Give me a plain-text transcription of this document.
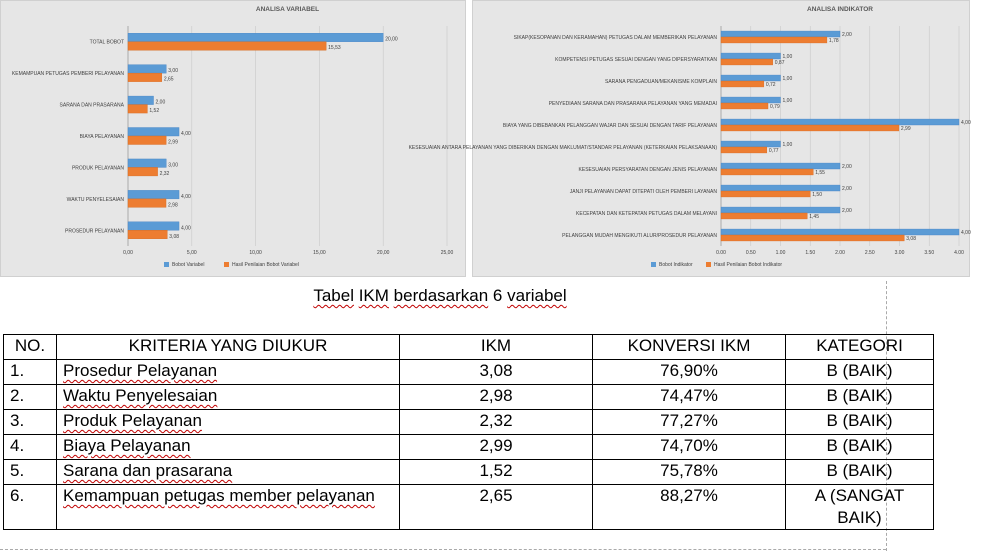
ANALISA VARIABEL
0,00	5,00	10,00	15,00	20,00	25,00
TOTAL BOBOT	20,00
15,53
KEMAMPUAN PETUGAS PEMBERI PELAYANAN	3,00
2,65
SARANA DAN PRASARANA	2,00
1,52
BIAYA PELAYANAN	4,00
2,99
PRODUK PELAYANAN	3,00
2,32
WAKTU PENYELESAIAN	4,00
2,98
PROSEDUR PELAYANAN	4,00
3,08
Bobot Variabel	Hasil Penilaian Bobot Variabel
ANALISA INDIKATOR
0.00	0.50	1.00	1.50	2.00	2.50	3.00	3.50	4.00
SIKAP(KESOPANAN DAN KERAMAHAN) PETUGAS DALAM MEMBERIKAN PELAYANAN	2,00
1,78
KOMPETENSI PETUGAS SESUAI DENGAN YANG DIPERSYARATKAN	1,00
0,87
SARANA PENGADUAN/MEKANISME KOMPLAIN	1,00
0,72
PENYEDIAAN SARANA DAN PRASARANA PELAYANAN YANG MEMADAI	1,00
0,79
BIAYA YANG DIBEBANKAN PELANGGAN WAJAR DAN SESUAI DENGAN TARIF PELAYANAN	4,00
2,99
KESESUAIAN ANTARA PELAYANAN YANG DIBERIKAN DENGAN MAKLUMAT/STANDAR PELAYANAN (KETERKAIAN PELAKSANAAN)	1,00
0,77
KESESUAIAN PERSYARATAN DENGAN JENIS PELAYANAN	2,00
1,55
JANJI PELAYANAN DAPAT DITEPATI OLEH PEMBERI LAYANAN	2,00
1,50
KECEPATAN DAN KETEPATAN PETUGAS DALAM MELAYANI	2,00
1,45
PELANGGAN MUDAH MENGIKUTI ALUR/PROSEDUR PELAYANAN	4,00
3,08
Bobot Indikator	Hasil Penilaian Bobot Indikator
Tabel IKM berdasarkan 6 variabel
NO.	KRITERIA YANG DIUKUR	IKM	KONVERSI IKM	KATEGORI
1.	Prosedur Pelayanan	3,08	76,90%	B (BAIK)
2.	Waktu Penyelesaian	2,98	74,47%	B (BAIK)
3.	Produk Pelayanan	2,32	77,27%	B (BAIK)
4.	Biaya Pelayanan	2,99	74,70%	B (BAIK)
5.	Sarana dan prasarana	1,52	75,78%	B (BAIK)
6.	Kemampuan petugas member pelayanan	2,65	88,27%	A (SANGAT BAIK)
